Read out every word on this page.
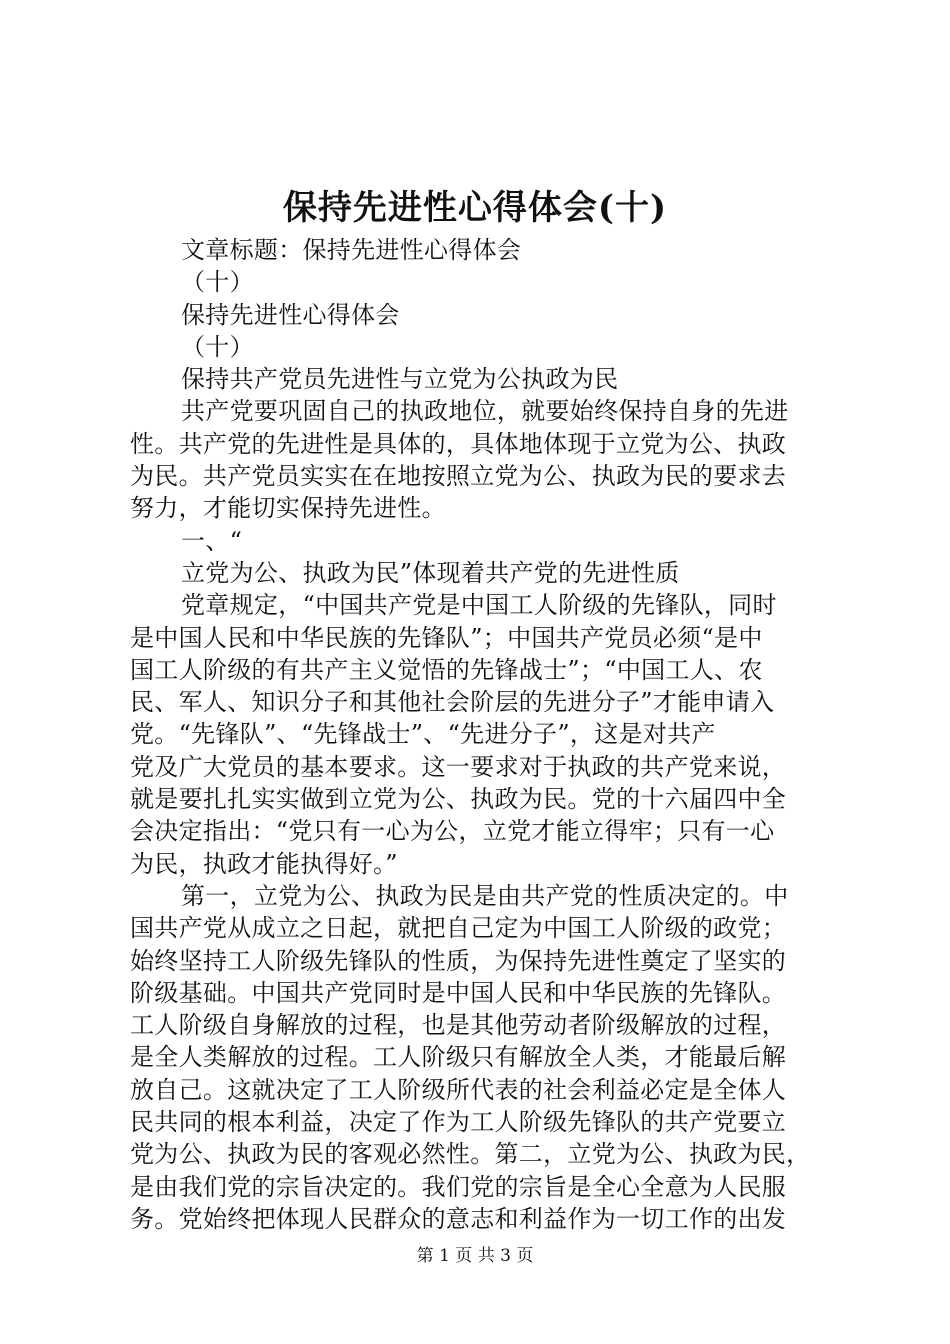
保持先进性心得体会(十)
文章标题：保持先进性心得体会
（十）
保持先进性心得体会
（十）
保持共产党员先进性与立党为公执政为民
共产党要巩固自己的执政地位，就要始终保持自身的先进
性。共产党的先进性是具体的，具体地体现于立党为公、执政
为民。共产党员实实在在地按照立党为公、执政为民的要求去
努力，才能切实保持先进性。
一、“
立党为公、执政为民”体现着共产党的先进性质
党章规定，“中国共产党是中国工人阶级的先锋队，同时
是中国人民和中华民族的先锋队”；中国共产党员必须“是中
国工人阶级的有共产主义觉悟的先锋战士”；“中国工人、农
民、军人、知识分子和其他社会阶层的先进分子”才能申请入
党。“先锋队”、“先锋战士”、“先进分子”，这是对共产
党及广大党员的基本要求。这一要求对于执政的共产党来说，
就是要扎扎实实做到立党为公、执政为民。党的十六届四中全
会决定指出：“党只有一心为公，立党才能立得牢；只有一心
为民，执政才能执得好。”
第一，立党为公、执政为民是由共产党的性质决定的。中
国共产党从成立之日起，就把自己定为中国工人阶级的政党；
始终坚持工人阶级先锋队的性质，为保持先进性奠定了坚实的
阶级基础。中国共产党同时是中国人民和中华民族的先锋队。
工人阶级自身解放的过程，也是其他劳动者阶级解放的过程，
是全人类解放的过程。工人阶级只有解放全人类，才能最后解
放自己。这就决定了工人阶级所代表的社会利益必定是全体人
民共同的根本利益，决定了作为工人阶级先锋队的共产党要立
党为公、执政为民的客观必然性。第二，立党为公、执政为民，
是由我们党的宗旨决定的。我们党的宗旨是全心全意为人民服
务。党始终把体现人民群众的意志和利益作为一切工作的出发
第 1 页 共 3 页
